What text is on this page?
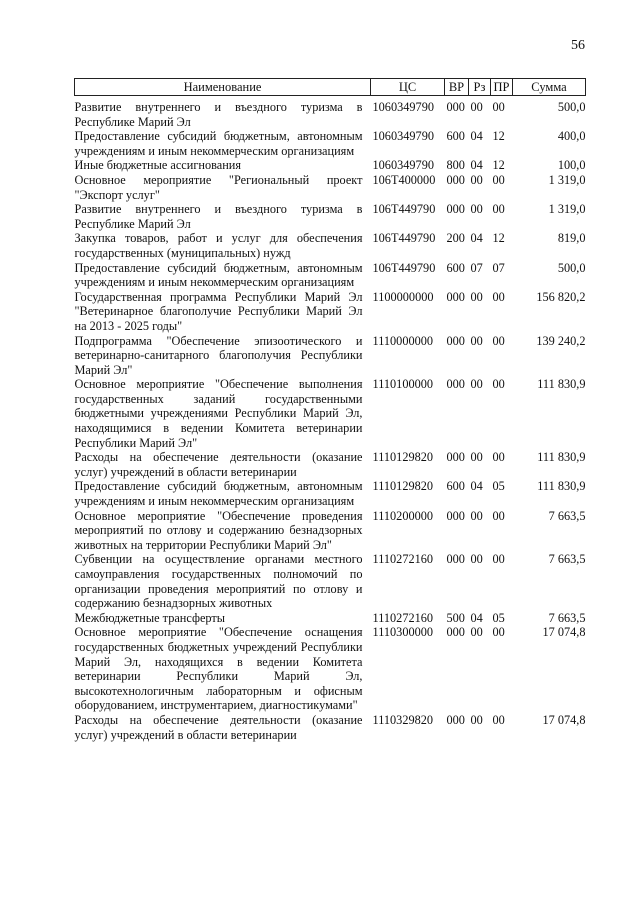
56
Наименование	ЦС	ВР	Рз	ПР	Сумма

Развитие внутреннего и въездного туризма в Республике Марий Эл	1060349790	000	00	00	500,0
Предоставление субсидий бюджетным, автономным учреждениям и иным некоммерческим организациям	1060349790	600	04	12	400,0
Иные бюджетные ассигнования	1060349790	800	04	12	100,0
Основное мероприятие "Региональный проект "Экспорт услуг"	106Т400000	000	00	00	1 319,0
Развитие внутреннего и въездного туризма в Республике Марий Эл	106Т449790	000	00	00	1 319,0
Закупка товаров, работ и услуг для обеспечения государственных (муниципальных) нужд	106Т449790	200	04	12	819,0
Предоставление субсидий бюджетным, автономным учреждениям и иным некоммерческим организациям	106Т449790	600	07	07	500,0
Государственная программа Республики Марий Эл "Ветеринарное благополучие Республики Марий Эл на 2013 - 2025 годы"	1100000000	000	00	00	156 820,2
Подпрограмма "Обеспечение эпизоотического и ветеринарно-санитарного благополучия Республики Марий Эл"	1110000000	000	00	00	139 240,2
Основное мероприятие "Обеспечение выполнения государственных заданий государственными бюджетными учреждениями Республики Марий Эл, находящимися в ведении Комитета ветеринарии Республики Марий Эл"	1110100000	000	00	00	111 830,9
Расходы на обеспечение деятельности (оказание услуг) учреждений в области ветеринарии	1110129820	000	00	00	111 830,9
Предоставление субсидий бюджетным, автономным учреждениям и иным некоммерческим организациям	1110129820	600	04	05	111 830,9
Основное мероприятие "Обеспечение проведения мероприятий по отлову и содержанию безнадзорных животных на территории Республики Марий Эл"	1110200000	000	00	00	7 663,5
Субвенции на осуществление органами местного самоуправления государственных полномочий по организации проведения мероприятий по отлову и содержанию безнадзорных животных	1110272160	000	00	00	7 663,5
Межбюджетные трансферты	1110272160	500	04	05	7 663,5
Основное мероприятие "Обеспечение оснащения государственных бюджетных учреждений Республики Марий Эл, находящихся в ведении Комитета ветеринарии Республики Марий Эл, высокотехнологичным лабораторным и офисным оборудованием, инструментарием, диагностикумами"	1110300000	000	00	00	17 074,8
Расходы на обеспечение деятельности (оказание услуг) учреждений в области ветеринарии	1110329820	000	00	00	17 074,8
